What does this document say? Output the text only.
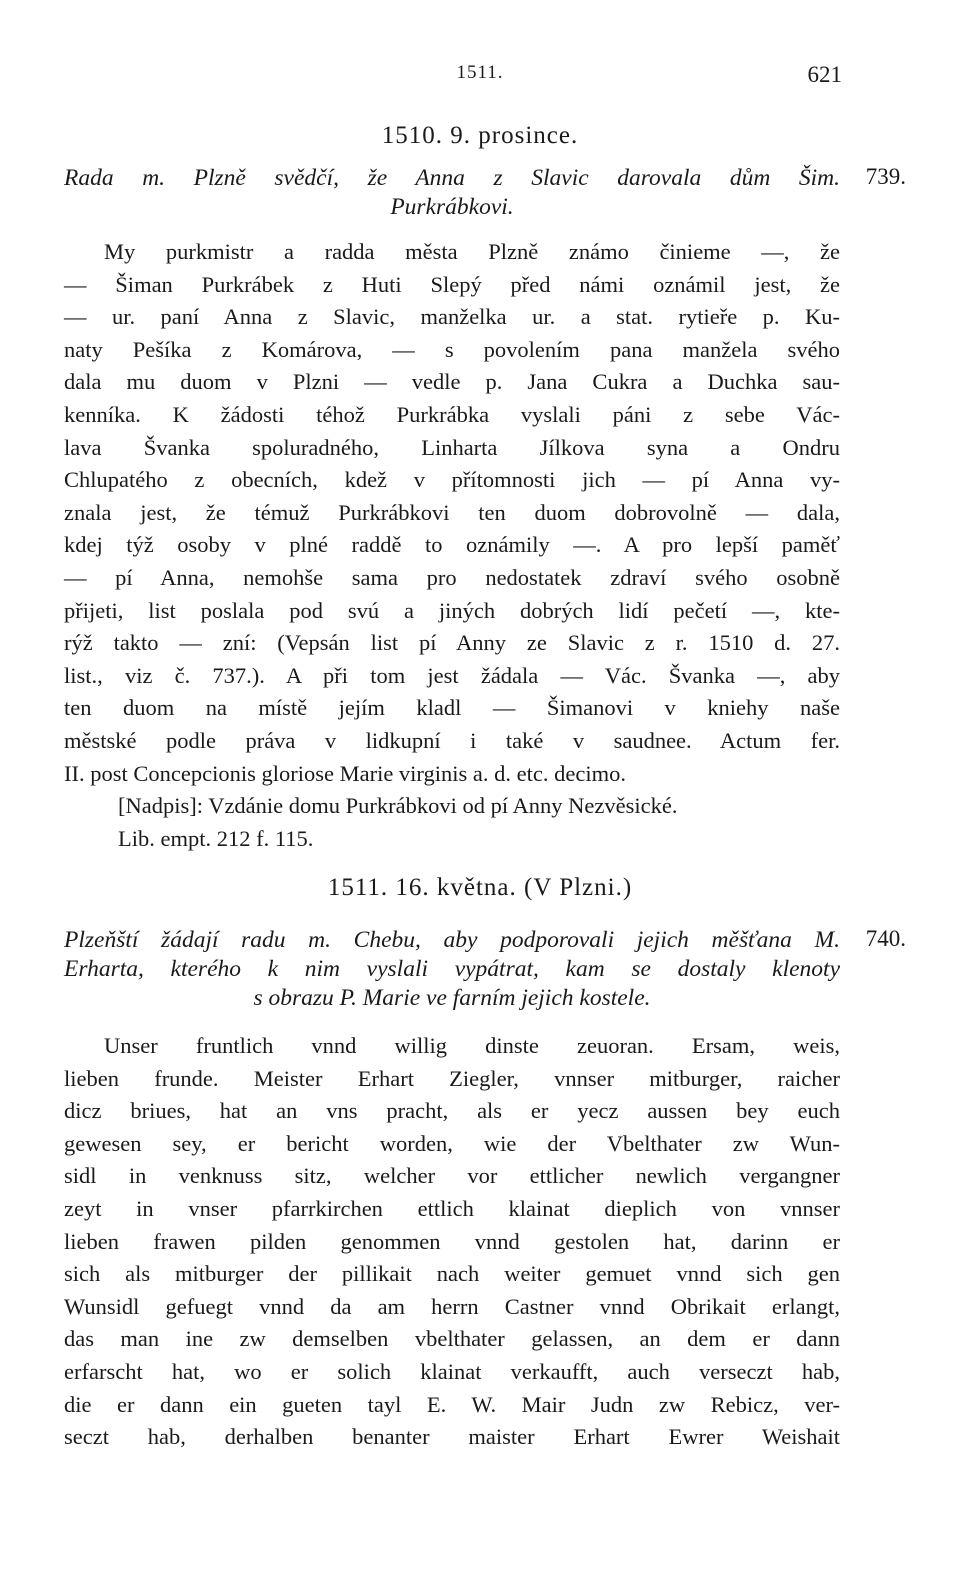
1511.	621
1510. 9. prosince.
739.
Rada m. Plzně svědčí, že Anna z Slavic darovala dům Šim.
Purkrábkovi.
My purkmistr a radda města Plzně známo činieme —, že
— Šiman Purkrábek z Huti Slepý před námi oznámil jest, že
— ur. paní Anna z Slavic, manželka ur. a stat. rytieře p. Ku-
naty Pešíka z Komárova, — s povolením pana manžela svého
dala mu duom v Plzni — vedle p. Jana Cukra a Duchka sau-
kenníka. K žádosti téhož Purkrábka vyslali páni z sebe Vác-
lava Švanka spoluradného, Linharta Jílkova syna a Ondru
Chlupatého z obecních, kdež v přítomnosti jich — pí Anna vy-
znala jest, že témuž Purkrábkovi ten duom dobrovolně — dala,
kdej týž osoby v plné raddě to oznámily —. A pro lepší paměť
— pí Anna, nemohše sama pro nedostatek zdraví svého osobně
přijeti, list poslala pod svú a jiných dobrých lidí pečetí —, kte-
rýž takto — zní: (Vepsán list pí Anny ze Slavic z r. 1510 d. 27.
list., viz č. 737.). A při tom jest žádala — Vác. Švanka —, aby
ten duom na místě jejím kladl — Šimanovi v kniehy naše
městské podle práva v lidkupní i také v saudnee. Actum fer.
II. post Concepcionis gloriose Marie virginis a. d. etc. decimo.
[Nadpis]: Vzdánie domu Purkrábkovi od pí Anny Nezvěsické.
Lib. empt. 212 f. 115.
1511. 16. května. (V Plzni.)
740.
Plzeňští žádají radu m. Chebu, aby podporovali jejich měšťana M.
Erharta, kterého k nim vyslali vypátrat, kam se dostaly klenoty
s obrazu P. Marie ve farním jejich kostele.
Unser fruntlich vnnd willig dinste zeuoran. Ersam, weis,
lieben frunde. Meister Erhart Ziegler, vnnser mitburger, raicher
dicz briues, hat an vns pracht, als er yecz aussen bey euch
gewesen sey, er bericht worden, wie der Vbelthater zw Wun-
sidl in venknuss sitz, welcher vor ettlicher newlich vergangner
zeyt in vnser pfarrkirchen ettlich klainat dieplich von vnnser
lieben frawen pilden genommen vnnd gestolen hat, darinn er
sich als mitburger der pillikait nach weiter gemuet vnnd sich gen
Wunsidl gefuegt vnnd da am herrn Castner vnnd Obrikait erlangt,
das man ine zw demselben vbelthater gelassen, an dem er dann
erfarscht hat, wo er solich klainat verkaufft, auch verseczt hab,
die er dann ein gueten tayl E. W. Mair Judn zw Rebicz, ver-
seczt hab, derhalben benanter maister Erhart Ewrer Weishait
